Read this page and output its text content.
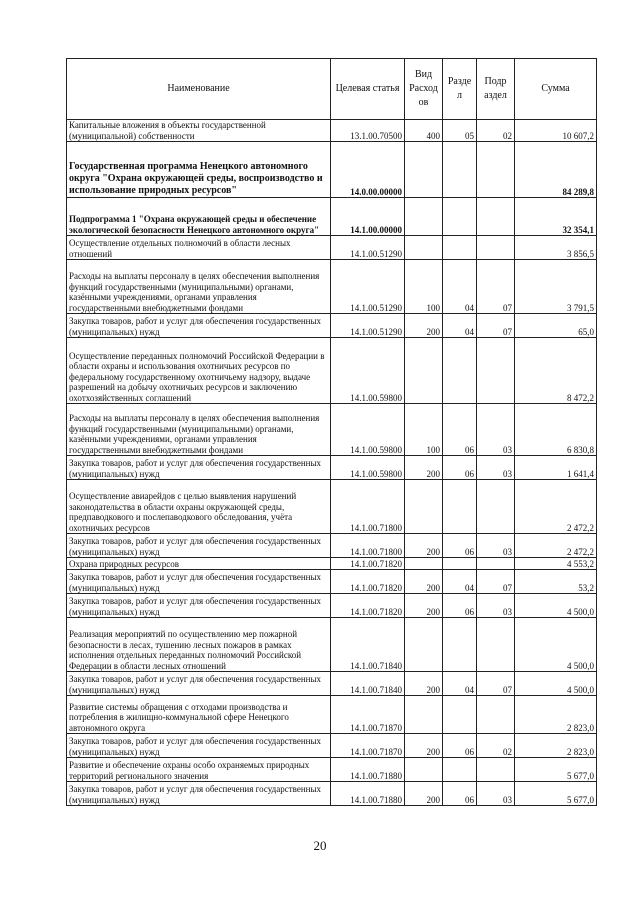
Наименование	Целевая статья	Вид Расход ов	Разде л	Подр аздел	Сумма
Капитальные вложения в объекты государственной (муниципальной) собственности	13.1.00.70500	400	05	02	10 607,2
Государственная программа Ненецкого автономного округа "Охрана окружающей среды, воспроизводство и использование природных ресурсов"	14.0.00.00000				84 289,8
Подпрограмма 1 "Охрана окружающей среды и обеспечение экологической безопасности Ненецкого автономного округа"	14.1.00.00000				32 354,1
Осуществление отдельных полномочий в области лесных отношений	14.1.00.51290				3 856,5
Расходы на выплаты персоналу в целях обеспечения выполнения функций государственными (муниципальными) органами, казёнными учреждениями, органами управления государственными внебюджетными фондами	14.1.00.51290	100	04	07	3 791,5
Закупка товаров, работ и услуг для обеспечения государственных (муниципальных) нужд	14.1.00.51290	200	04	07	65,0
Осуществление переданных полномочий Российской Федерации в области охраны и использования охотничьих ресурсов по федеральному государственному охотничьему надзору, выдаче разрешений на добычу охотничьих ресурсов и заключению охотхозяйственных соглашений	14.1.00.59800				8 472,2
Расходы на выплаты персоналу в целях обеспечения выполнения функций государственными (муниципальными) органами, казёнными учреждениями, органами управления государственными внебюджетными фондами	14.1.00.59800	100	06	03	6 830,8
Закупка товаров, работ и услуг для обеспечения государственных (муниципальных) нужд	14.1.00.59800	200	06	03	1 641,4
Осуществление авиарейдов с целью выявления нарушений законодательства в области охраны окружающей среды, предпаводкового и послепаводкового обследования, учёта охотничьих ресурсов	14.1.00.71800				2 472,2
Закупка товаров, работ и услуг для обеспечения государственных (муниципальных) нужд	14.1.00.71800	200	06	03	2 472,2
Охрана природных ресурсов	14.1.00.71820				4 553,2
Закупка товаров, работ и услуг для обеспечения государственных (муниципальных) нужд	14.1.00.71820	200	04	07	53,2
Закупка товаров, работ и услуг для обеспечения государственных (муниципальных) нужд	14.1.00.71820	200	06	03	4 500,0
Реализация мероприятий по осуществлению мер пожарной безопасности в лесах, тушению лесных пожаров в рамках исполнения отдельных переданных полномочий Российской Федерации в области лесных отношений	14.1.00.71840				4 500,0
Закупка товаров, работ и услуг для обеспечения государственных (муниципальных) нужд	14.1.00.71840	200	04	07	4 500,0
Развитие системы обращения с отходами производства и потребления в жилищно-коммунальной сфере Ненецкого автономного округа	14.1.00.71870				2 823,0
Закупка товаров, работ и услуг для обеспечения государственных (муниципальных) нужд	14.1.00.71870	200	06	02	2 823,0
Развитие и обеспечение охраны особо охраняемых природных территорий регионального значения	14.1.00.71880				5 677,0
Закупка товаров, работ и услуг для обеспечения государственных (муниципальных) нужд	14.1.00.71880	200	06	03	5 677,0
20
